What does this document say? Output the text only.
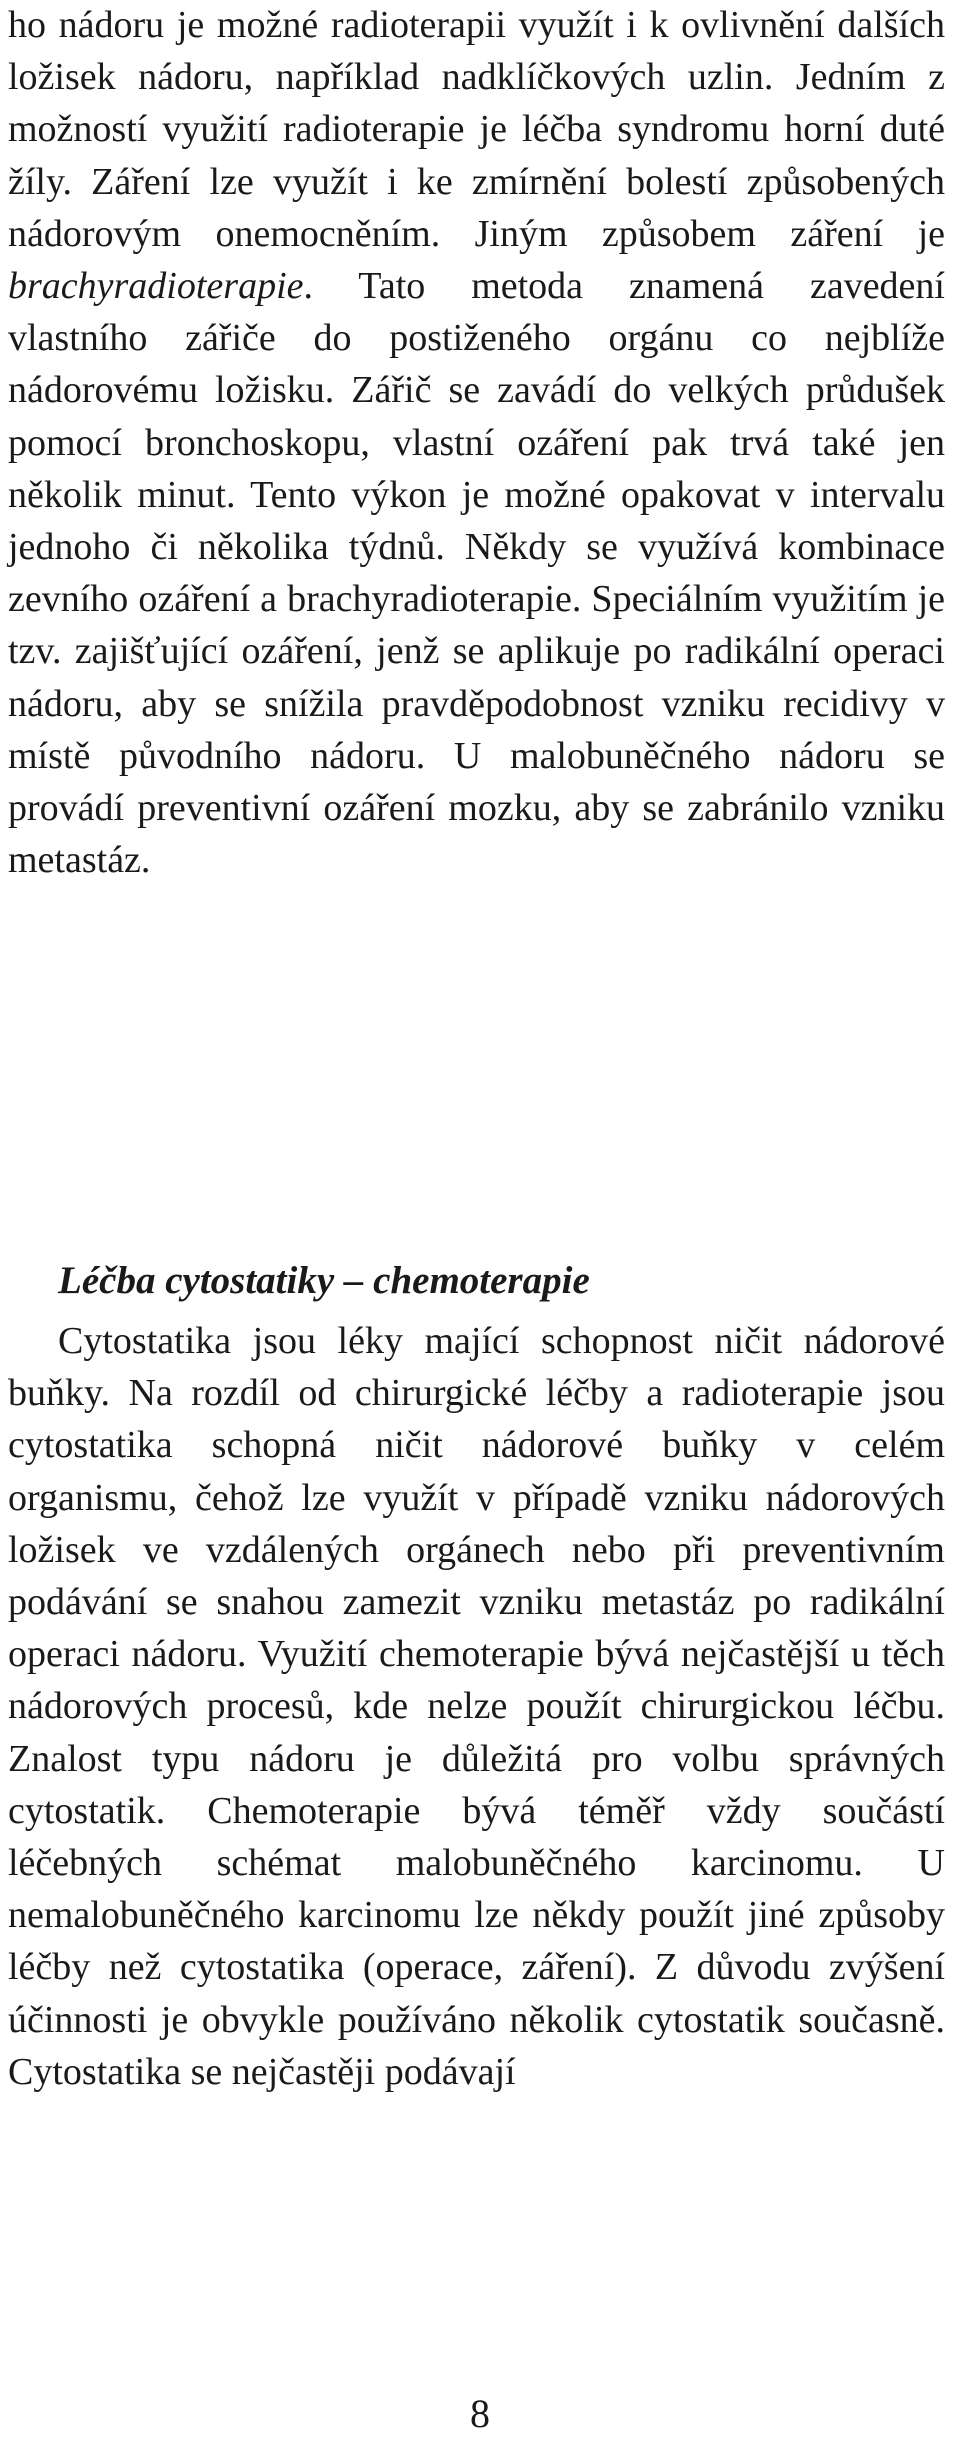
ho nádoru je možné radioterapii využít i k ovlivnění dalších ložisek nádoru, například nadklíčkových uzlin. Jedním z možností využití radioterapie je léčba syndromu horní duté žíly. Záření lze využít i ke zmírnění bolestí způsobených nádorovým onemocněním. Jiným způsobem záření je brachyradioterapie. Tato metoda znamená zavedení vlastního zářiče do postiženého orgánu co nejblíže nádorovému ložisku. Zářič se zavádí do velkých průdušek pomocí bronchoskopu, vlastní ozáření pak trvá také jen několik minut. Tento výkon je možné opakovat v intervalu jednoho či několika týdnů. Někdy se využívá kombinace zevního ozáření a brachyradioterapie. Speciálním využitím je tzv. zajišťující ozáření, jenž se aplikuje po radikální operaci nádoru, aby se snížila pravděpodobnost vzniku recidivy v místě původního nádoru. U malobuněčného nádoru se provádí preventivní ozáření mozku, aby se zabránilo vzniku metastáz.

Léčba cytostatiky – chemoterapie

Cytostatika jsou léky mající schopnost ničit nádorové buňky. Na rozdíl od chirurgické léčby a radioterapie jsou cytostatika schopná ničit nádorové buňky v celém organismu, čehož lze využít v případě vzniku nádorových ložisek ve vzdálených orgánech nebo při preventivním podávání se snahou zamezit vzniku metastáz po radikální operaci nádoru. Využití chemoterapie bývá nejčastější u těch nádorových procesů, kde nelze použít chirurgickou léčbu. Znalost typu nádoru je důležitá pro volbu správných cytostatik. Chemoterapie bývá téměř vždy součástí léčebných schémat malobuněčného karcinomu. U nemalobuněčného karcinomu lze někdy použít jiné způsoby léčby než cytostatika (operace, záření). Z důvodu zvýšení účinnosti je obvykle používáno několik cytostatik současně. Cytostatika se nejčastěji podávají

8
